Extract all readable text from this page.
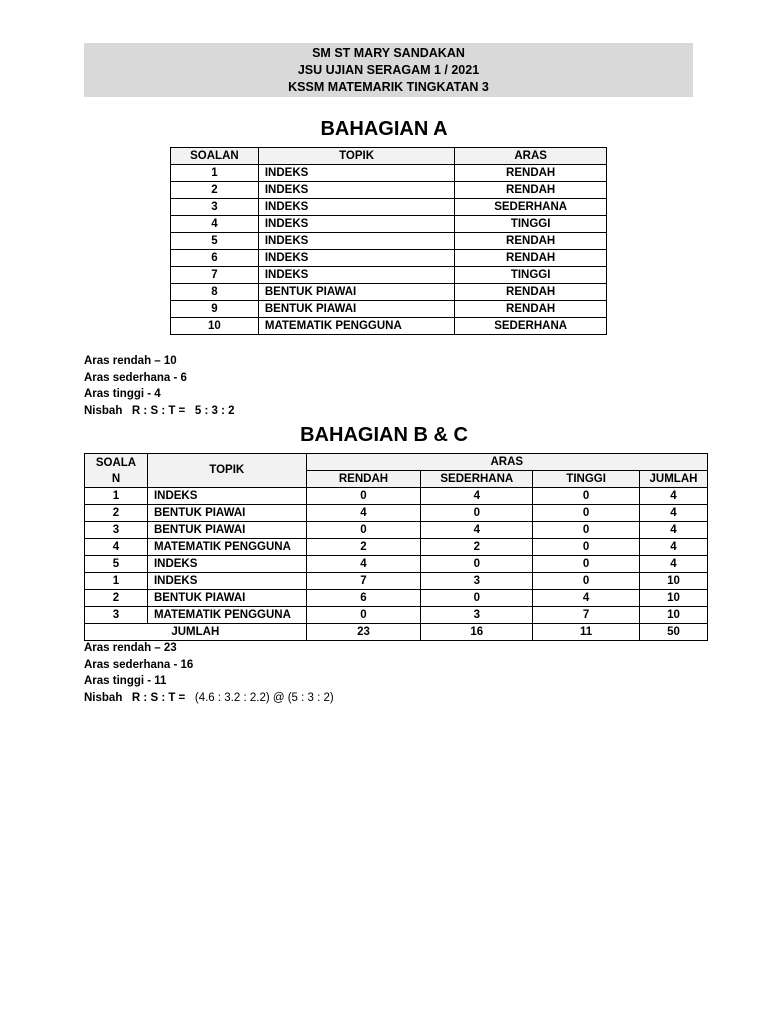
SM ST MARY SANDAKAN
JSU UJIAN SERAGAM 1 / 2021
KSSM MATEMARIK TINGKATAN 3
BAHAGIAN A
SOALAN	TOPIK	ARAS
1	INDEKS	RENDAH
2	INDEKS	RENDAH
3	INDEKS	SEDERHANA
4	INDEKS	TINGGI
5	INDEKS	RENDAH
6	INDEKS	RENDAH
7	INDEKS	TINGGI
8	BENTUK PIAWAI	RENDAH
9	BENTUK PIAWAI	RENDAH
10	MATEMATIK PENGGUNA	SEDERHANA
Aras rendah – 10
Aras sederhana - 6
Aras tinggi - 4
Nisbah   R : S : T =   5 : 3 : 2
BAHAGIAN B & C
SOALA
N	TOPIK	ARAS			
		RENDAH	SEDERHANA	TINGGI	JUMLAH
1	INDEKS	0	4	0	4
2	BENTUK PIAWAI	4	0	0	4
3	BENTUK PIAWAI	0	4	0	4
4	MATEMATIK PENGGUNA	2	2	0	4
5	INDEKS	4	0	0	4
1	INDEKS	7	3	0	10
2	BENTUK PIAWAI	6	0	4	10
3	MATEMATIK PENGGUNA	0	3	7	10
JUMLAH		23	16	11	50
Aras rendah – 23
Aras sederhana - 16
Aras tinggi - 11
Nisbah   R : S : T =   (4.6 : 3.2 : 2.2) @ (5 : 3 : 2)
